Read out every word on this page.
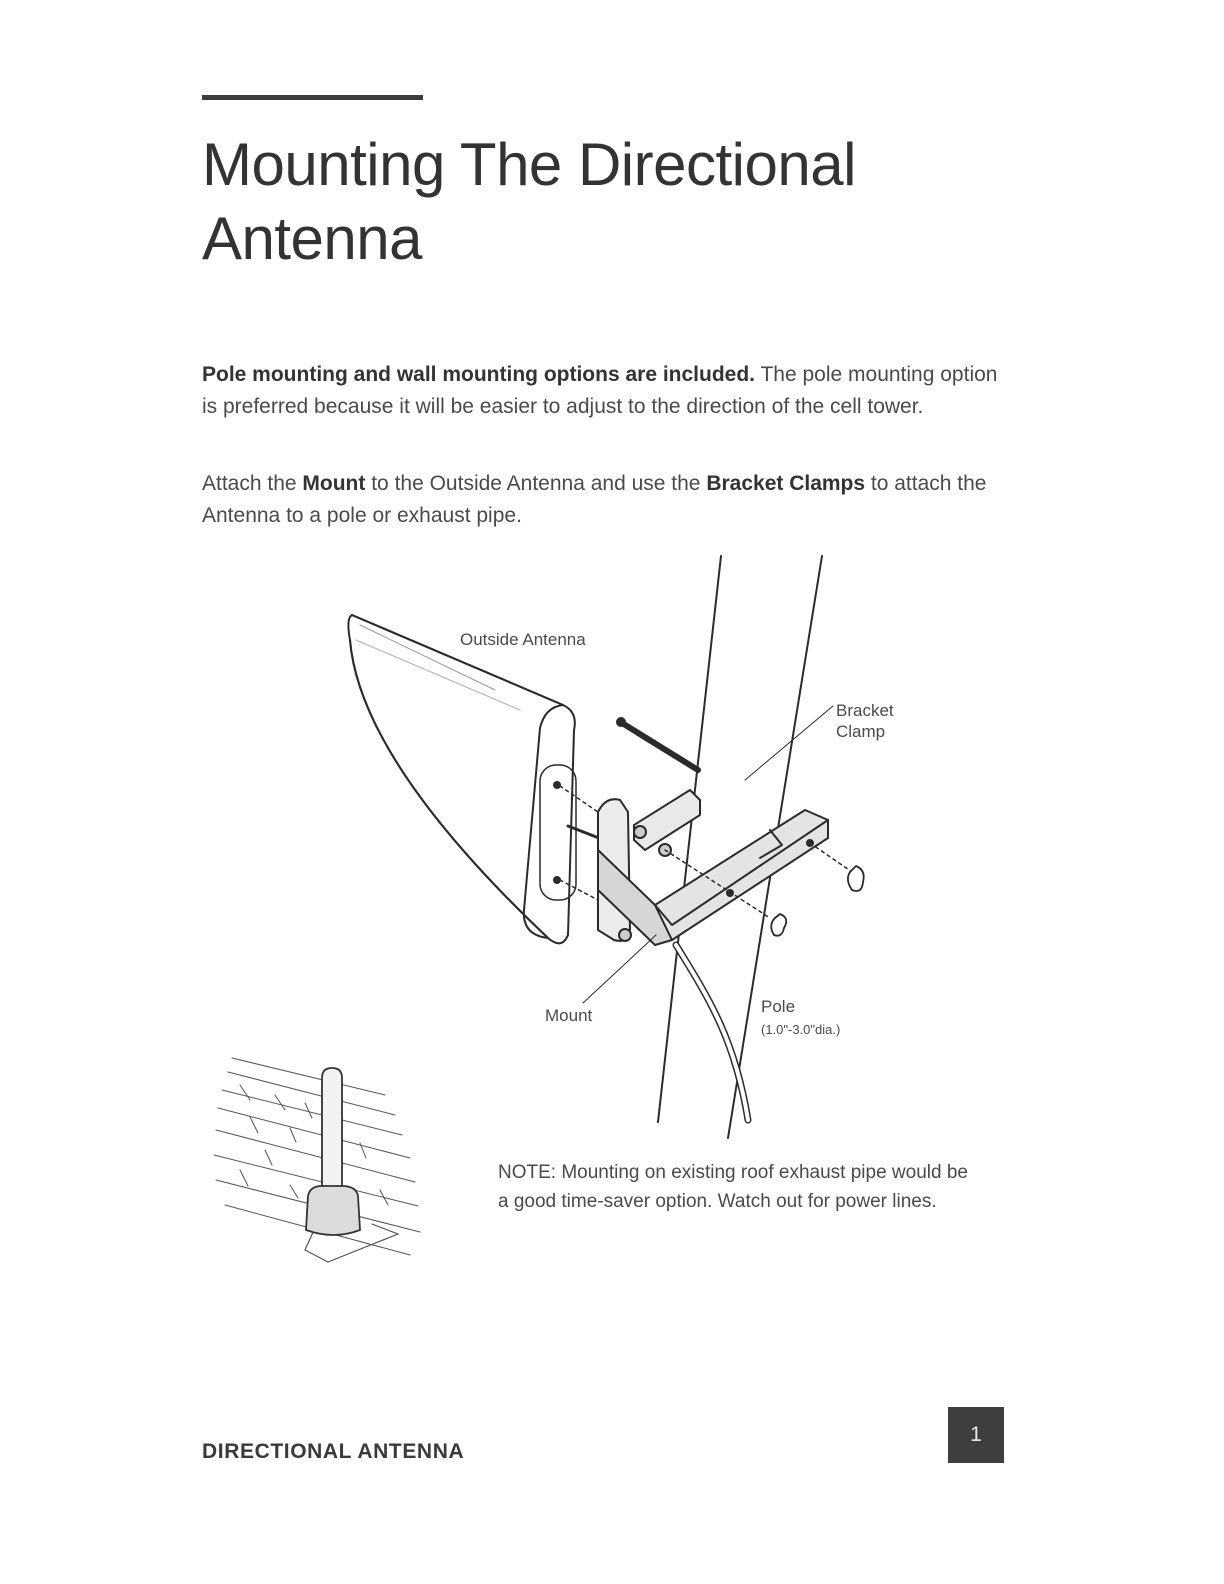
Mounting The Directional Antenna

Pole mounting and wall mounting options are included. The pole mounting option is preferred because it will be easier to adjust to the direction of the cell tower.

Attach the Mount to the Outside Antenna and use the Bracket Clamps to attach the Antenna to a pole or exhaust pipe.

Outside Antenna

Bracket

Clamp

Mount	Pole

(1.0"-3.0"dia.)

NOTE: Mounting on existing roof exhaust pipe would be a good time-saver option. Watch out for power lines.

DIRECTIONAL ANTENNA

1
